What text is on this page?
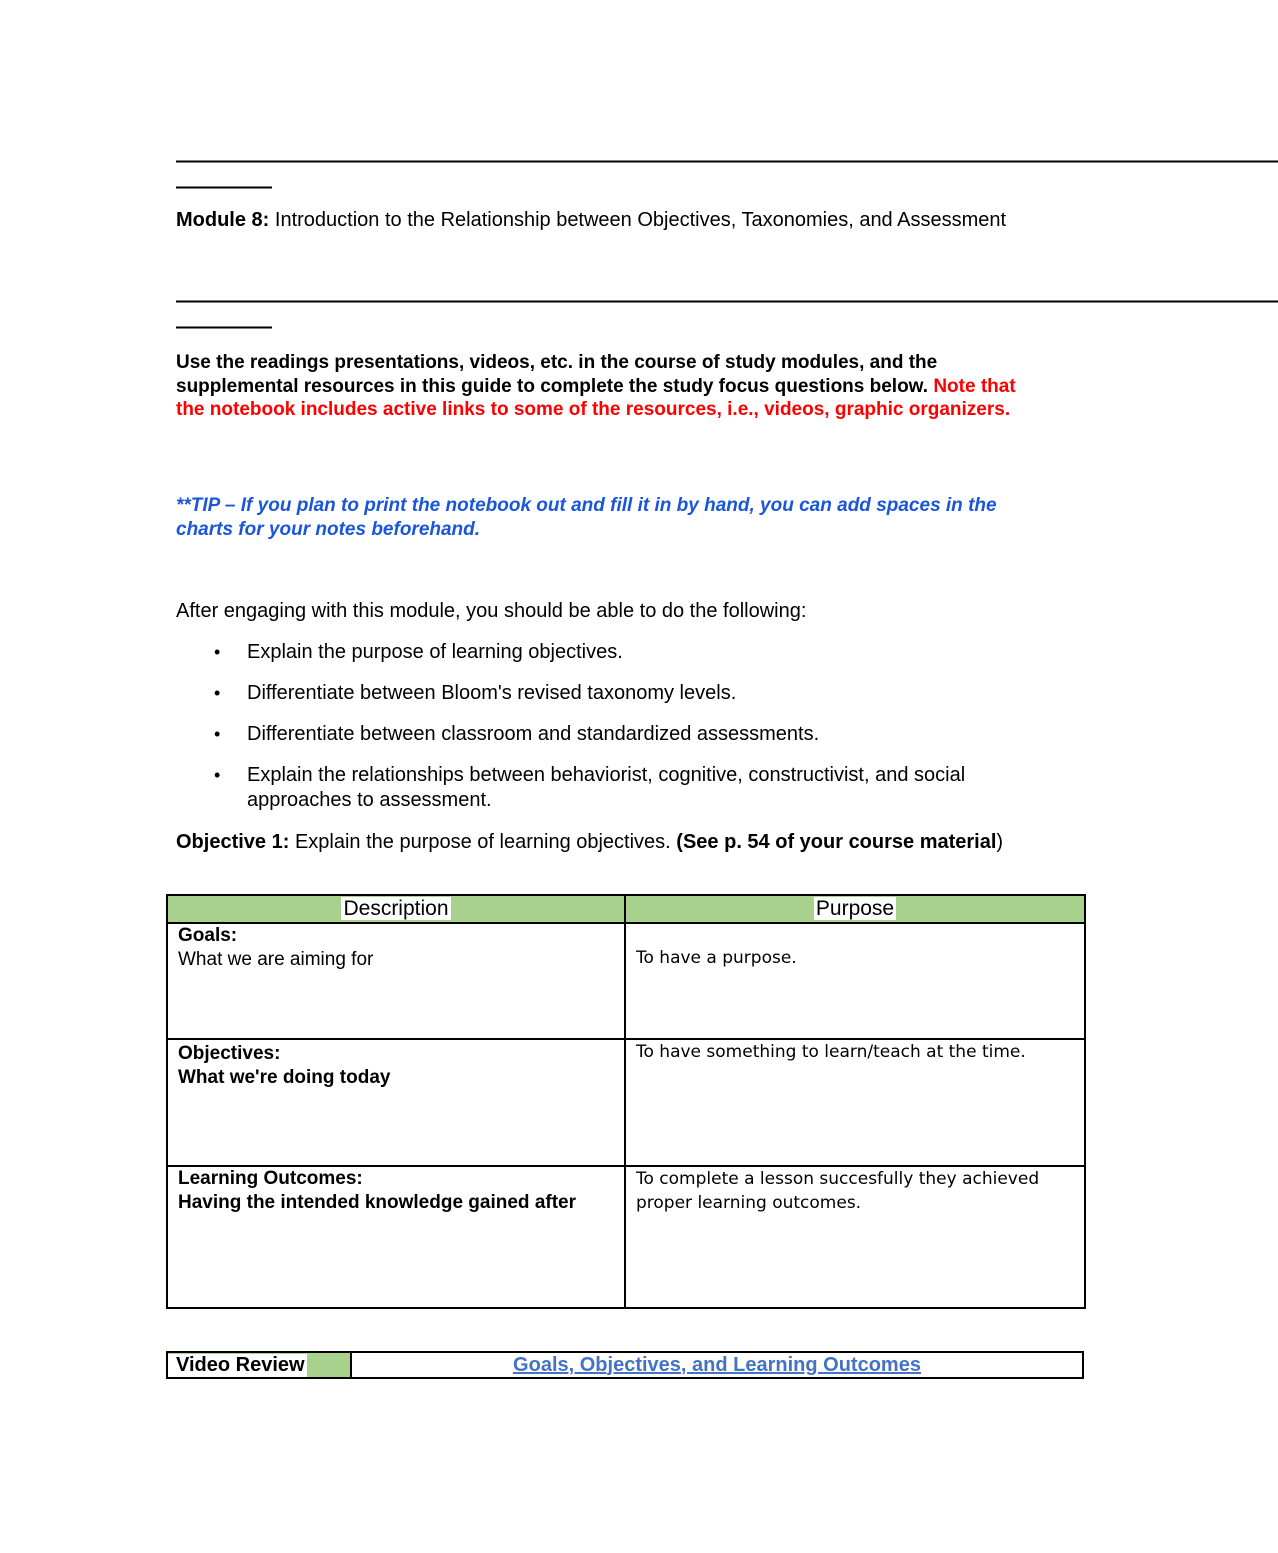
——————————————————————————————————————————————————————————
—————
Module 8: Introduction to the Relationship between Objectives, Taxonomies, and Assessment
——————————————————————————————————————————————————————————
—————
Use the readings presentations, videos, etc. in the course of study modules, and the supplemental resources in this guide to complete the study focus questions below. Note that the notebook includes active links to some of the resources, i.e., videos, graphic organizers.
**TIP – If you plan to print the notebook out and fill it in by hand, you can add spaces in the charts for your notes beforehand.
After engaging with this module, you should be able to do the following:
• Explain the purpose of learning objectives.
• Differentiate between Bloom's revised taxonomy levels.
• Differentiate between classroom and standardized assessments.
• Explain the relationships between behaviorist, cognitive, constructivist, and social approaches to assessment.
Objective 1: Explain the purpose of learning objectives. (See p. 54 of your course material)
Description	Purpose

Goals:
What we are aiming for	To have a purpose.

Objectives:
What we're doing today	To have something to learn/teach at the time.

Learning Outcomes:
Having the intended knowledge gained after	To complete a lesson succesfully they achieved proper learning outcomes.
Video Review	Goals, Objectives, and Learning Outcomes
